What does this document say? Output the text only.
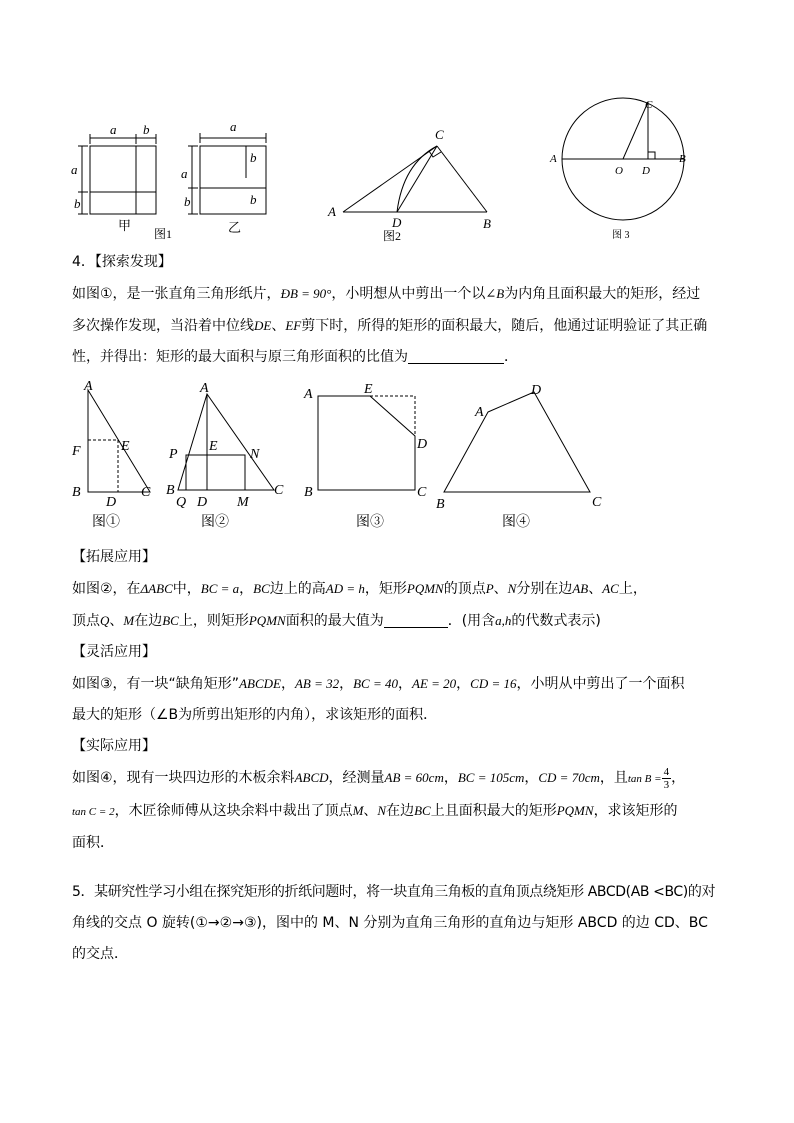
a b
a
b
甲
图1
a
b
a
b
b
乙
C
A
D	B
图2
C
A	B
O D
图 3

4．【探索发现】

如图①，是一张直角三角形纸片，ÐB = 90°，小明想从中剪出一个以∠B为内角且面积最大的矩形，经过

多次操作发现，当沿着中位线DE、EF剪下时，所得的矩形的面积最大，随后，他通过证明验证了其正确

性，并得出：矩形的最大面积与原三角形面积的比值为	．

A
F	E
B
D
C
图①
A
P
E
N
B
Q D M
C
图②
A	E
D
B	C
图③
A
D
B	C
图④

【拓展应用】

如图②，在ΔABC中，BC = a，BC边上的高AD = h，矩形PQMN的顶点P、N分别在边AB、AC上，

顶点Q、M在边BC上，则矩形PQMN面积的最大值为	．(用含a,h的代数式表示)

【灵活应用】

如图③，有一块“缺角矩形”ABCDE，AB = 32，BC = 40，AE = 20，CD = 16，小明从中剪出了一个面积

最大的矩形（∠B为所剪出矩形的内角），求该矩形的面积．

【实际应用】

如图④，现有一块四边形的木板余料ABCD，经测量AB = 60cm，BC = 105cm，CD = 70cm，且$\tan B = \frac{4}{3}$ ，

tan C = 2，木匠徐师傅从这块余料中裁出了顶点M、N在边BC上且面积最大的矩形PQMN，求该矩形的

面积．

5．某研究性学习小组在探究矩形的折纸问题时，将一块直角三角板的直角顶点绕矩形 ABCD(AB <BC)的对

角线的交点 O 旋转(①→②→③)，图中的 M、N 分别为直角三角形的直角边与矩形 ABCD 的边 CD、BC

的交点．
